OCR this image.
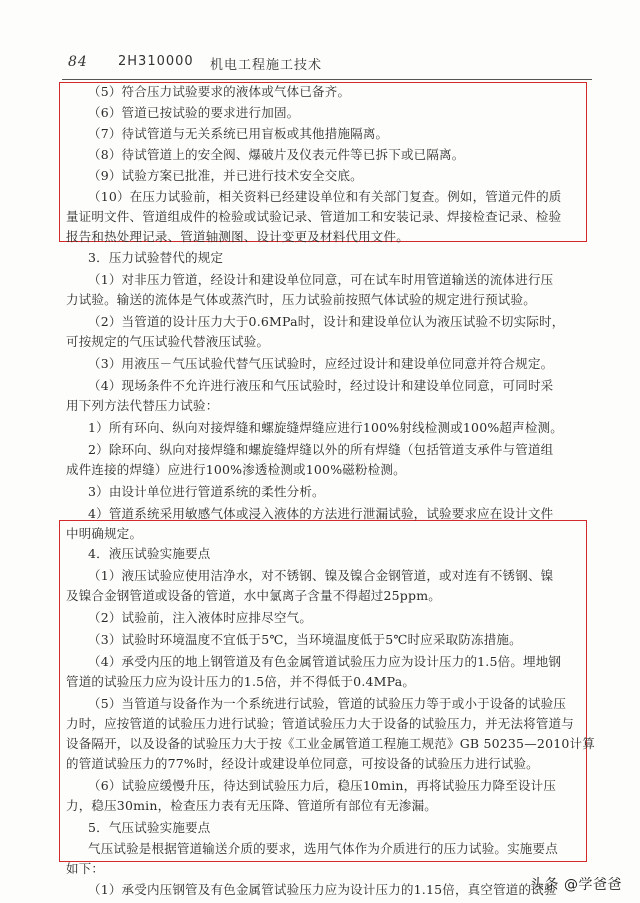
84 2H310000 机电工程施工技术
（5）符合压力试验要求的液体或气体已备齐。
（6）管道已按试验的要求进行加固。
（7）待试管道与无关系统已用盲板或其他措施隔离。
（8）待试管道上的安全阀、爆破片及仪表元件等已拆下或已隔离。
（9）试验方案已批准，并已进行技术安全交底。
（10）在压力试验前，相关资料已经建设单位和有关部门复查。例如，管道元件的质
量证明文件、管道组成件的检验或试验记录、管道加工和安装记录、焊接检查记录、检验
报告和热处理记录、管道轴测图、设计变更及材料代用文件。
3．压力试验替代的规定
（1）对非压力管道，经设计和建设单位同意，可在试车时用管道输送的流体进行压
力试验。输送的流体是气体或蒸汽时，压力试验前按照气体试验的规定进行预试验。
（2）当管道的设计压力大于0.6MPa时，设计和建设单位认为液压试验不切实际时，
可按规定的气压试验代替液压试验。
（3）用液压－气压试验代替气压试验时，应经过设计和建设单位同意并符合规定。
（4）现场条件不允许进行液压和气压试验时，经过设计和建设单位同意，可同时采
用下列方法代替压力试验：
1）所有环向、纵向对接焊缝和螺旋缝焊缝应进行100%射线检测或100%超声检测。
2）除环向、纵向对接焊缝和螺旋缝焊缝以外的所有焊缝（包括管道支承件与管道组
成件连接的焊缝）应进行100%渗透检测或100%磁粉检测。
3）由设计单位进行管道系统的柔性分析。
4）管道系统采用敏感气体或浸入液体的方法进行泄漏试验，试验要求应在设计文件
中明确规定。
4．液压试验实施要点
（1）液压试验应使用洁净水，对不锈钢、镍及镍合金钢管道，或对连有不锈钢、镍
及镍合金钢管道或设备的管道，水中氯离子含量不得超过25ppm。
（2）试验前，注入液体时应排尽空气。
（3）试验时环境温度不宜低于5℃，当环境温度低于5℃时应采取防冻措施。
（4）承受内压的地上钢管道及有色金属管道试验压力应为设计压力的1.5倍。埋地钢
管道的试验压力应为设计压力的1.5倍，并不得低于0.4MPa。
（5）当管道与设备作为一个系统进行试验，管道的试验压力等于或小于设备的试验压
力时，应按管道的试验压力进行试验；管道试验压力大于设备的试验压力，并无法将管道与
设备隔开，以及设备的试验压力大于按《工业金属管道工程施工规范》GB 50235—2010计算
的管道试验压力的77%时，经设计或建设单位同意，可按设备的试验压力进行试验。
（6）试验应缓慢升压，待达到试验压力后，稳压10min，再将试验压力降至设计压
力，稳压30min，检查压力表有无压降、管道所有部位有无渗漏。
5．气压试验实施要点
气压试验是根据管道输送介质的要求，选用气体作为介质进行的压力试验。实施要点
如下：
（1）承受内压钢管及有色金属管试验压力应为设计压力的1.15倍，真空管道的试验
头条 @学爸爸
